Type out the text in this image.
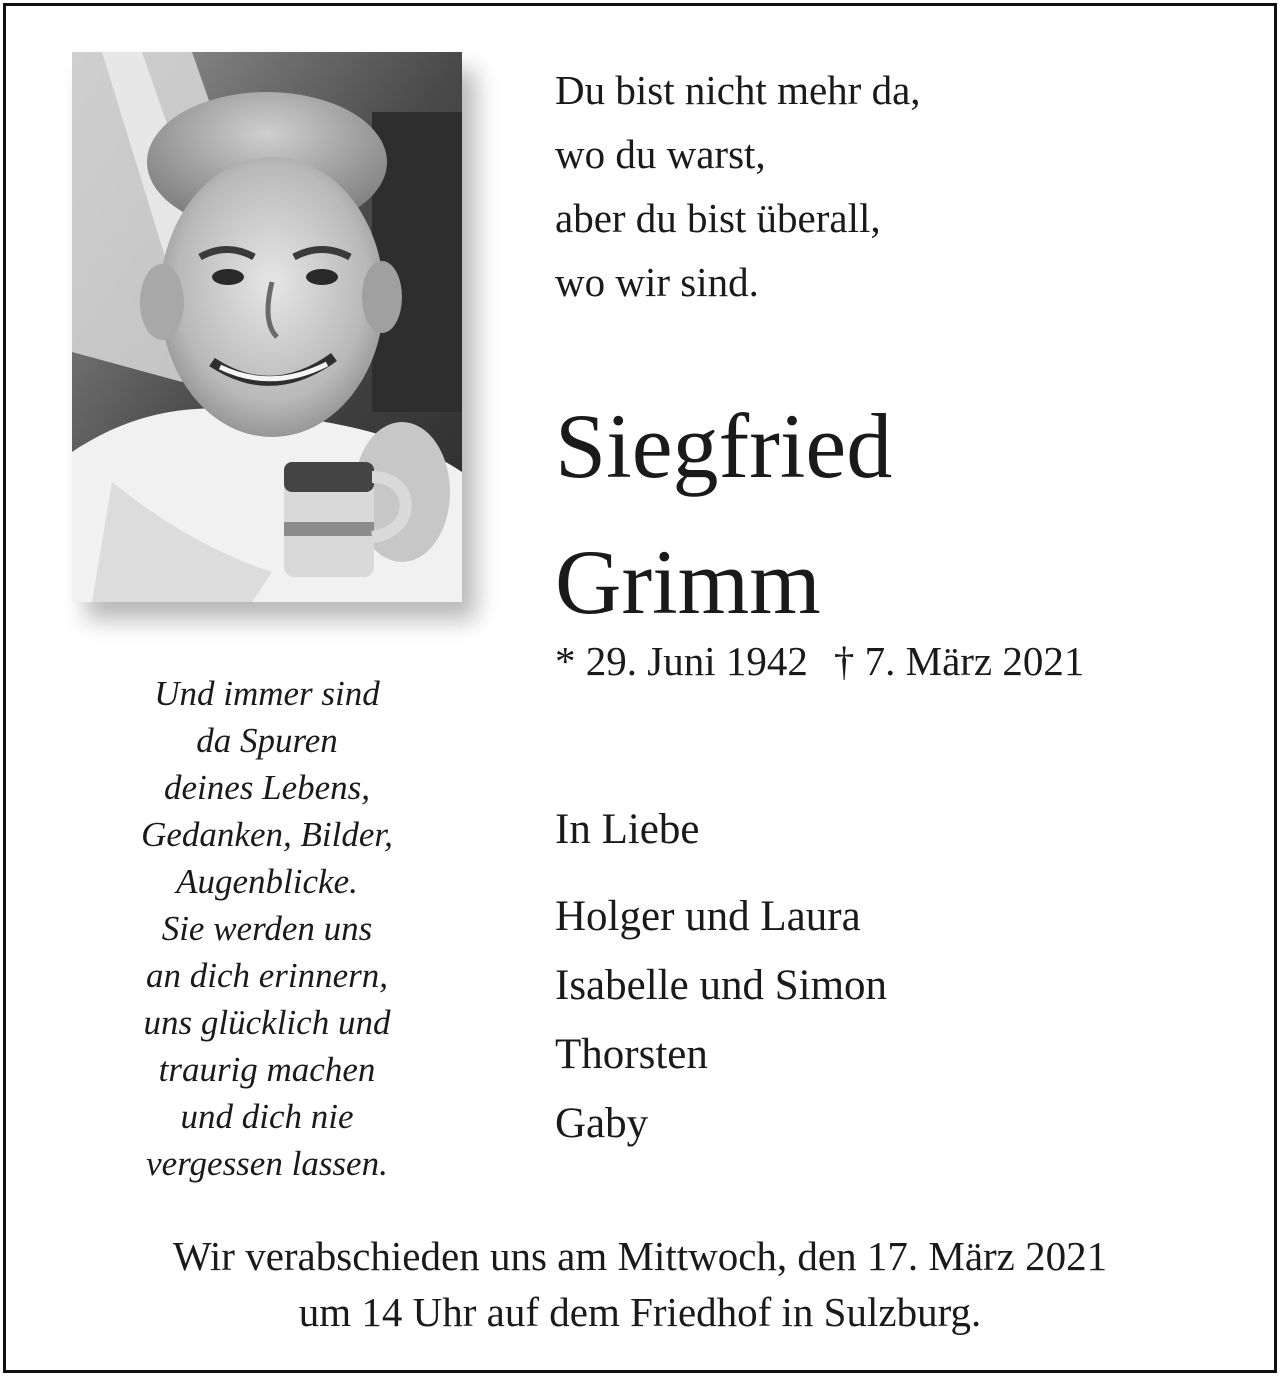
Du bist nicht mehr da,
wo du warst,
aber du bist überall,
wo wir sind.
Siegfried
Grimm
* 29. Juni 1942 † 7. März 2021
Und immer sind
da Spuren
deines Lebens,
Gedanken, Bilder,
Augenblicke.
Sie werden uns
an dich erinnern,
uns glücklich und
traurig machen
und dich nie
vergessen lassen.
In Liebe
Holger und Laura
Isabelle und Simon
Thorsten
Gaby
Wir verabschieden uns am Mittwoch, den 17. März 2021
um 14 Uhr auf dem Friedhof in Sulzburg.
